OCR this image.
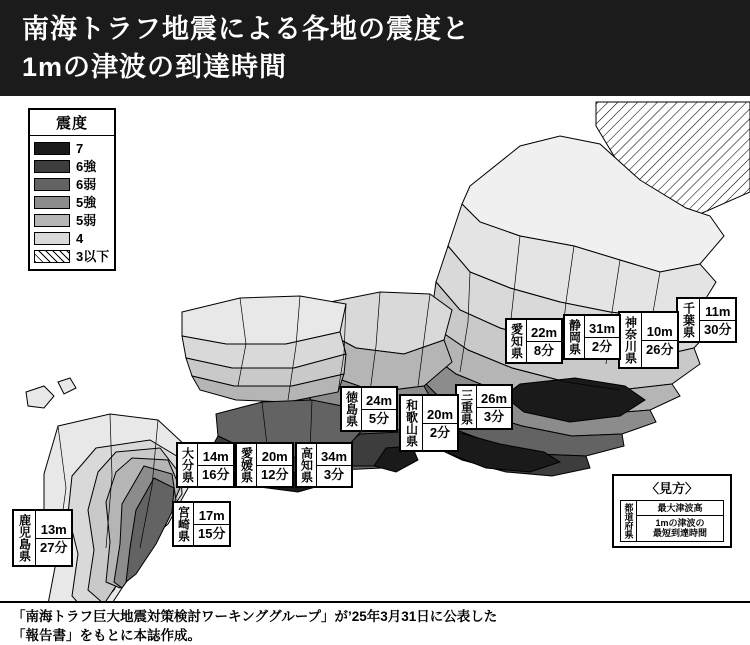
南海トラフ地震による各地の震度と
1mの津波の到達時間
震度
7
6強
6弱
5強
5弱
4
3以下
千葉県 11m
30分
神奈川県 10m
26分
静岡県 31m
2分
愛知県 22m
8分
三重県 26m
3分
和歌山県 20m
2分
徳島県 24m
5分
高知県 34m
3分
愛媛県 20m
12分
大分県 14m
16分
宮崎県 17m
15分
鹿児島県 13m
27分
〈見方〉
都道府県	最大津波高
1mの津波の
最短到達時間
「南海トラフ巨大地震対策検討ワーキンググループ」が’25年3月31日に公表した
「報告書」をもとに本誌作成。
